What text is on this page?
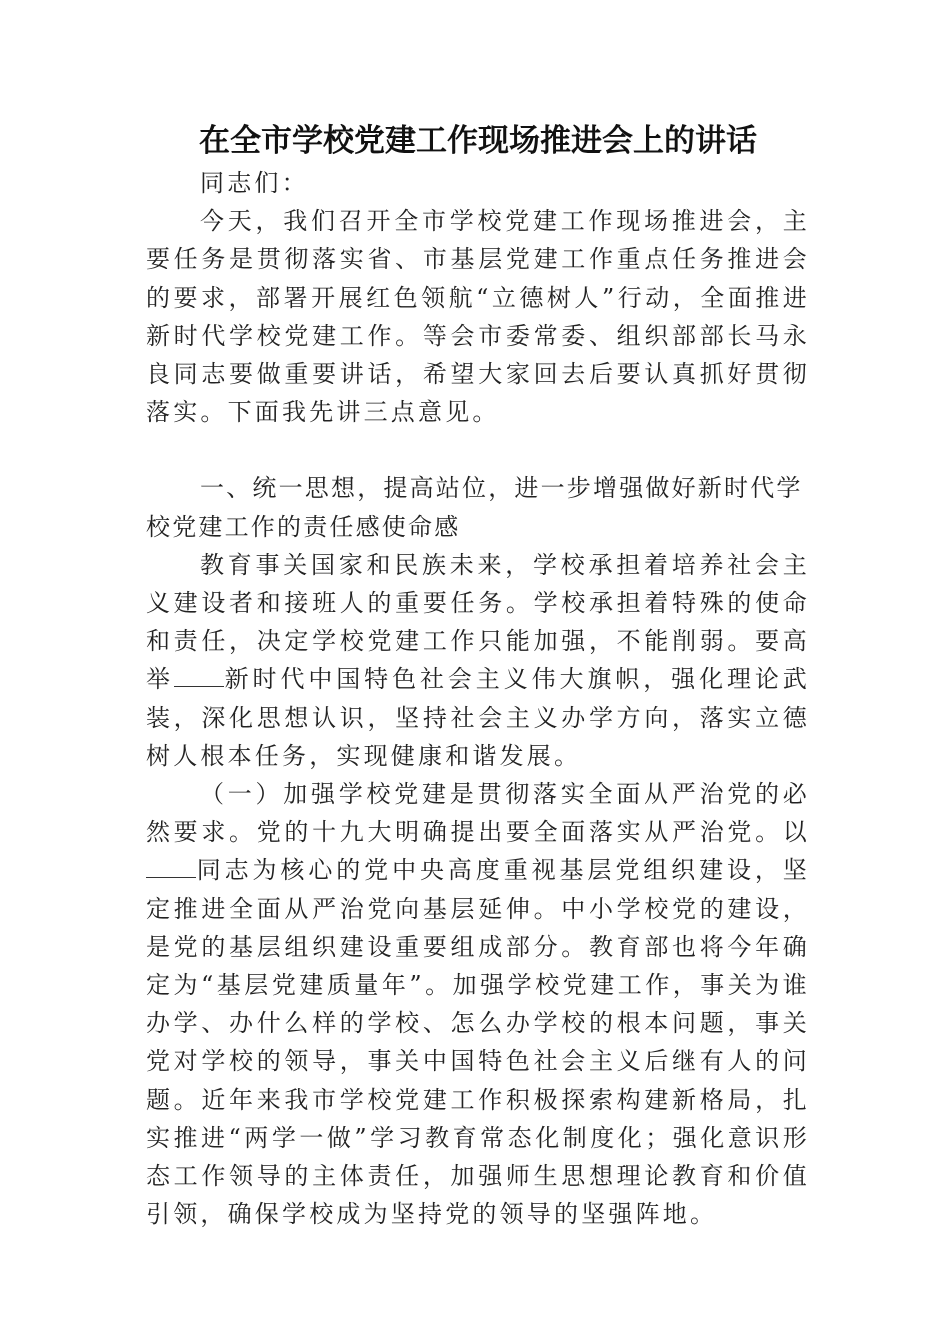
在全市学校党建工作现场推进会上的讲话

同志们：

今天，我们召开全市学校党建工作现场推进会，主要任务是贯彻落实省、市基层党建工作重点任务推进会的要求，部署开展红色领航“立德树人”行动，全面推进新时代学校党建工作。等会市委常委、组织部部长马永良同志要做重要讲话，希望大家回去后要认真抓好贯彻落实。下面我先讲三点意见。

一、统一思想，提高站位，进一步增强做好新时代学校党建工作的责任感使命感

教育事关国家和民族未来，学校承担着培养社会主义建设者和接班人的重要任务。学校承担着特殊的使命和责任，决定学校党建工作只能加强，不能削弱。要高举 新时代中国特色社会主义伟大旗帜，强化理论武装，深化思想认识，坚持社会主义办学方向，落实立德树人根本任务，实现健康和谐发展。

（一）加强学校党建是贯彻落实全面从严治党的必然要求。党的十九大明确提出要全面落实从严治党。以同志为核心的党中央高度重视基层党组织建设，坚定推进全面从严治党向基层延伸。中小学校党的建设，是党的基层组织建设重要组成部分。教育部也将今年确定为“基层党建质量年”。加强学校党建工作，事关为谁办学、办什么样的学校、怎么办学校的根本问题，事关党对学校的领导，事关中国特色社会主义后继有人的问题。近年来我市学校党建工作积极探索构建新格局，扎实推进“两学一做”学习教育常态化制度化；强化意识形态工作领导的主体责任，加强师生思想理论教育和价值引领，确保学校成为坚持党的领导的坚强阵地。
